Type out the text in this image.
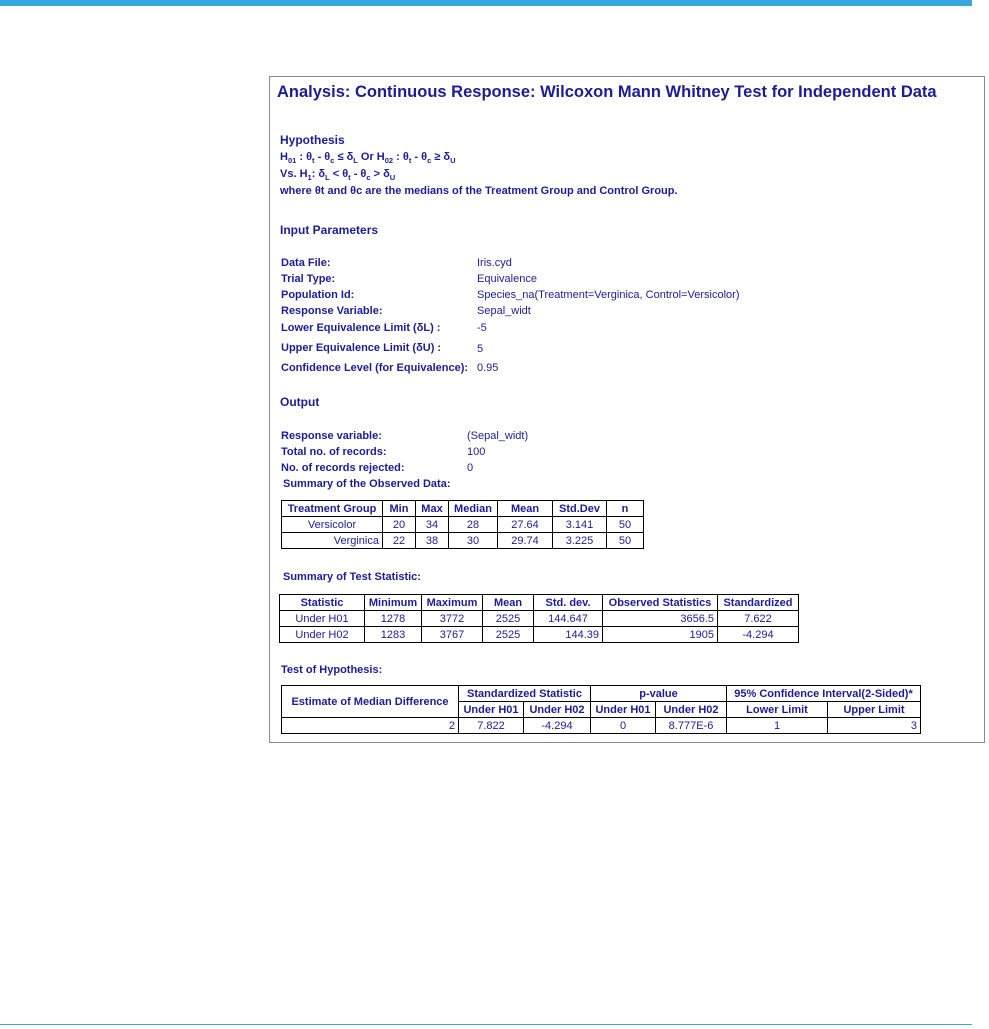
Analysis: Continuous Response: Wilcoxon Mann Whitney Test for Independent Data
Hypothesis
$H_{01}$ : $\theta_t - \theta_c \le \delta_L$ Or $H_{02}$ : $\theta_t - \theta_c \ge \delta_U$
Vs. $H_1$: $\delta_L < \theta_t - \theta_c > \delta_U$
where θt and θc are the medians of the Treatment Group and Control Group.
Input Parameters
Data File:	Iris.cyd
Trial Type:	Equivalence
Population Id:	Species_na(Treatment=Verginica, Control=Versicolor)
Response Variable:	Sepal_widt
Lower Equivalence Limit (δL) :	-5
Upper Equivalence Limit (δU) :	5
Confidence Level (for Equivalence): 0.95
Output
Response variable:	(Sepal_widt)
Total no. of records:	100
No. of records rejected:	0
Summary of the Observed Data:
Treatment Group	Min	Max	Median	Mean	Std.Dev	n
Versicolor	20	34	28	27.64	3.141	50
Verginica	22	38	30	29.74	3.225	50
Summary of Test Statistic:
Statistic	Minimum	Maximum	Mean	Std. dev.	Observed Statistics	Standardized
Under H01	1278	3772	2525	144.647	3656.5	7.622
Under H02	1283	3767	2525	144.39	1905	-4.294
Test of Hypothesis:
Estimate of Median Difference	Standardized Statistic		p-value		95% Confidence Interval(2-Sided)*	
	Under H01	Under H02	Under H01	Under H02	Lower Limit	Upper Limit
2	7.822	-4.294	0	8.777E-6	1	3
